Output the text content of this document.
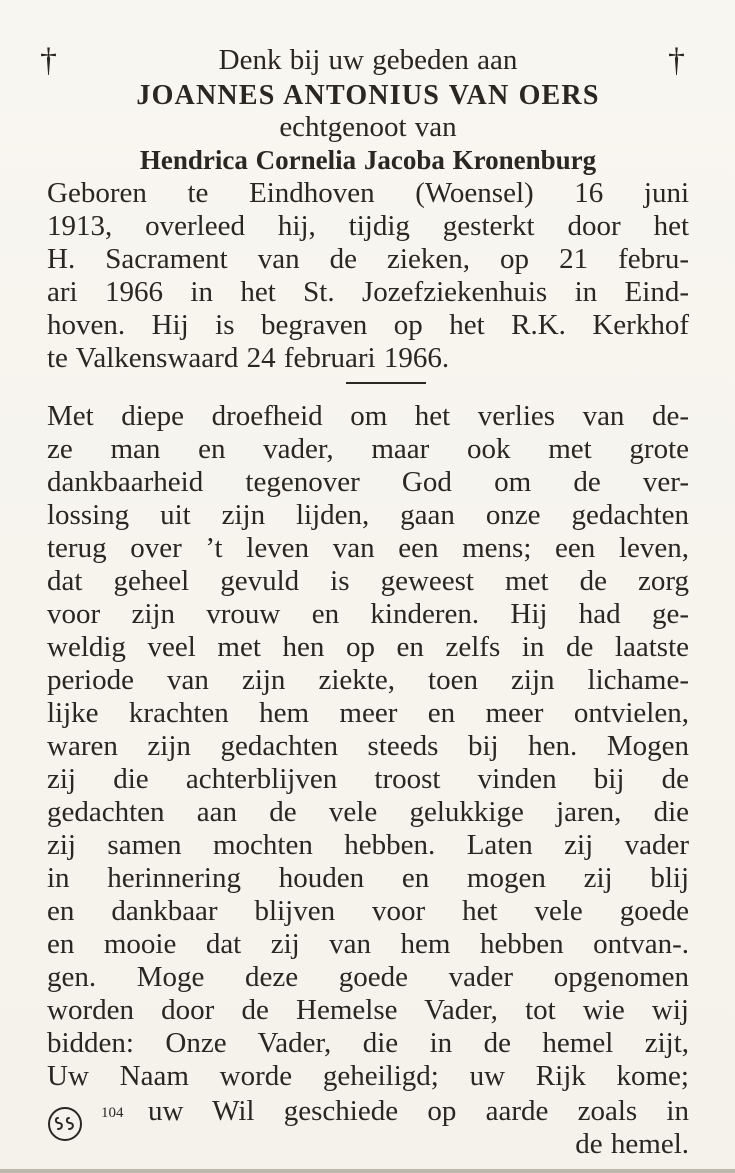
†	†
Denk bij uw gebeden aan
JOANNES ANTONIUS VAN OERS
echtgenoot van
Hendrica Cornelia Jacoba Kronenburg
Geboren te Eindhoven (Woensel) 16 juni
1913, overleed hij, tijdig gesterkt door het
H. Sacrament van de zieken, op 21 febru-
ari 1966 in het St. Jozefziekenhuis in Eind-
hoven. Hij is begraven op het R.K. Kerkhof
te Valkenswaard 24 februari 1966.
Met diepe droefheid om het verlies van de-
ze man en vader, maar ook met grote
dankbaarheid tegenover God om de ver-
lossing uit zijn lijden, gaan onze gedachten
terug over ’t leven van een mens; een leven,
dat geheel gevuld is geweest met de zorg
voor zijn vrouw en kinderen. Hij had ge-
weldig veel met hen op en zelfs in de laatste
periode van zijn ziekte, toen zijn lichame-
lijke krachten hem meer en meer ontvielen,
waren zijn gedachten steeds bij hen. Mogen
zij die achterblijven troost vinden bij de
gedachten aan de vele gelukkige jaren, die
zij samen mochten hebben. Laten zij vader
in herinnering houden en mogen zij blij
en dankbaar blijven voor het vele goede
en mooie dat zij van hem hebben ontvan-.
gen. Moge deze goede vader opgenomen
worden door de Hemelse Vader, tot wie wij
bidden: Onze Vader, die in de hemel zijt,
Uw Naam worde geheiligd; uw Rijk kome;
104 uw Wil geschiede op aarde zoals in
de hemel.
